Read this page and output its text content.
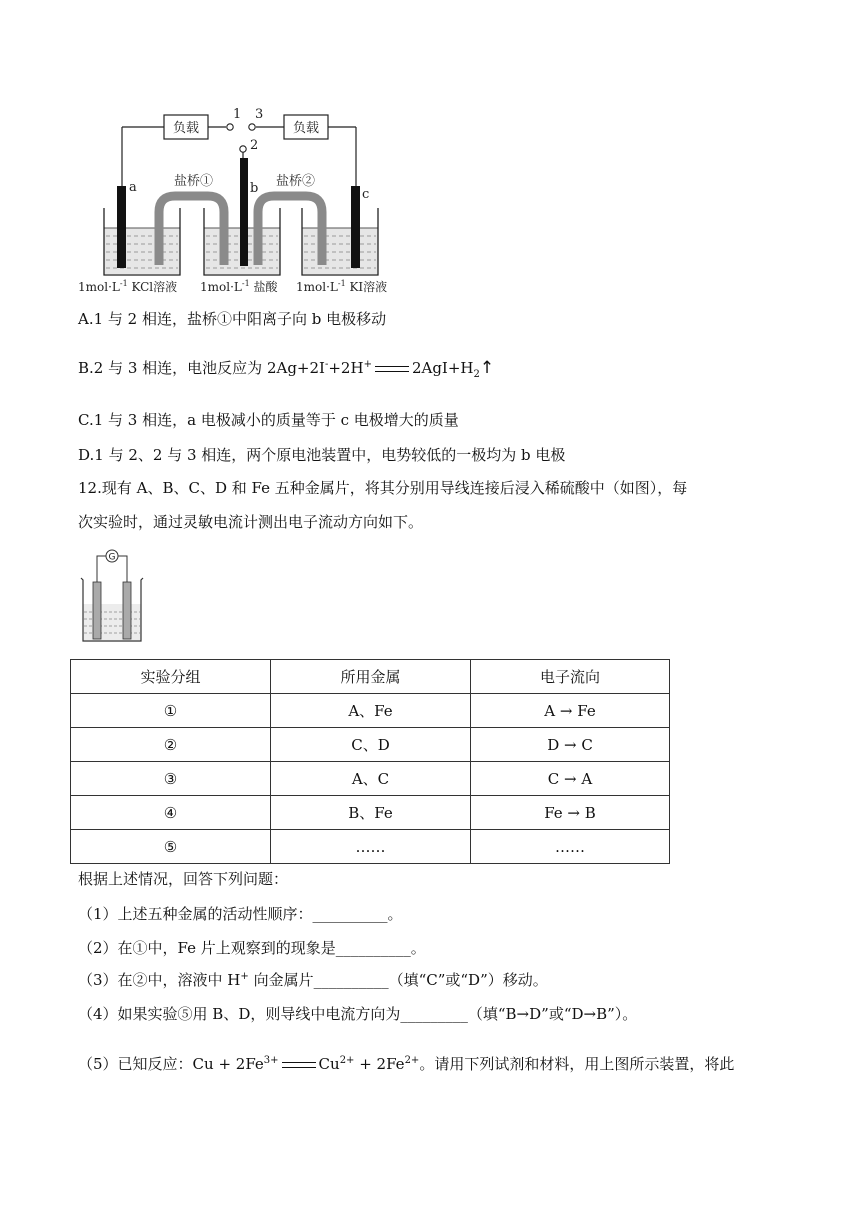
负载	负载
1 3
2
盐桥①	盐桥②
a	b	c
$1mol\cdot L^{-1}$ KCl溶液 $1mol\cdot L^{-1}$ 盐酸 $1mol\cdot L^{-1}$ KI溶液
A.1 与 2 相连，盐桥①中阳离子向 b 电极移动
B.2 与 3 相连，电池反应为 2Ag+2I-+2H+	$2AgI+H_2↑$
C.1 与 3 相连，a 电极减小的质量等于 c 电极增大的质量
D.1 与 2、2 与 3 相连，两个原电池装置中，电势较低的一极均为 b 电极
12.现有 A、B、C、D 和 Fe 五种金属片，将其分别用导线连接后浸入稀硫酸中（如图），每
次实验时，通过灵敏电流计测出电子流动方向如下。
G
实验分组	所用金属	电子流向
①	A、Fe	A → Fe
②	C、D	D → C
③	A、C	C → A
④	B、Fe	Fe → B
⑤	……	……
根据上述情况，回答下列问题：
（1）上述五种金属的活动性顺序：__________。
（2）在①中，Fe 片上观察到的现象是__________。
（3）在②中，溶液中 H+ 向金属片__________（填“C”或“D”）移动。
（4）如果实验⑤用 B、D，则导线中电流方向为_________（填“B→D”或“D→B”）。
（5）已知反应：$Cu + 2Fe^{3+}$	$Cu^{2+} + 2Fe^{2+}$。请用下列试剂和材料，用上图所示装置，将此
